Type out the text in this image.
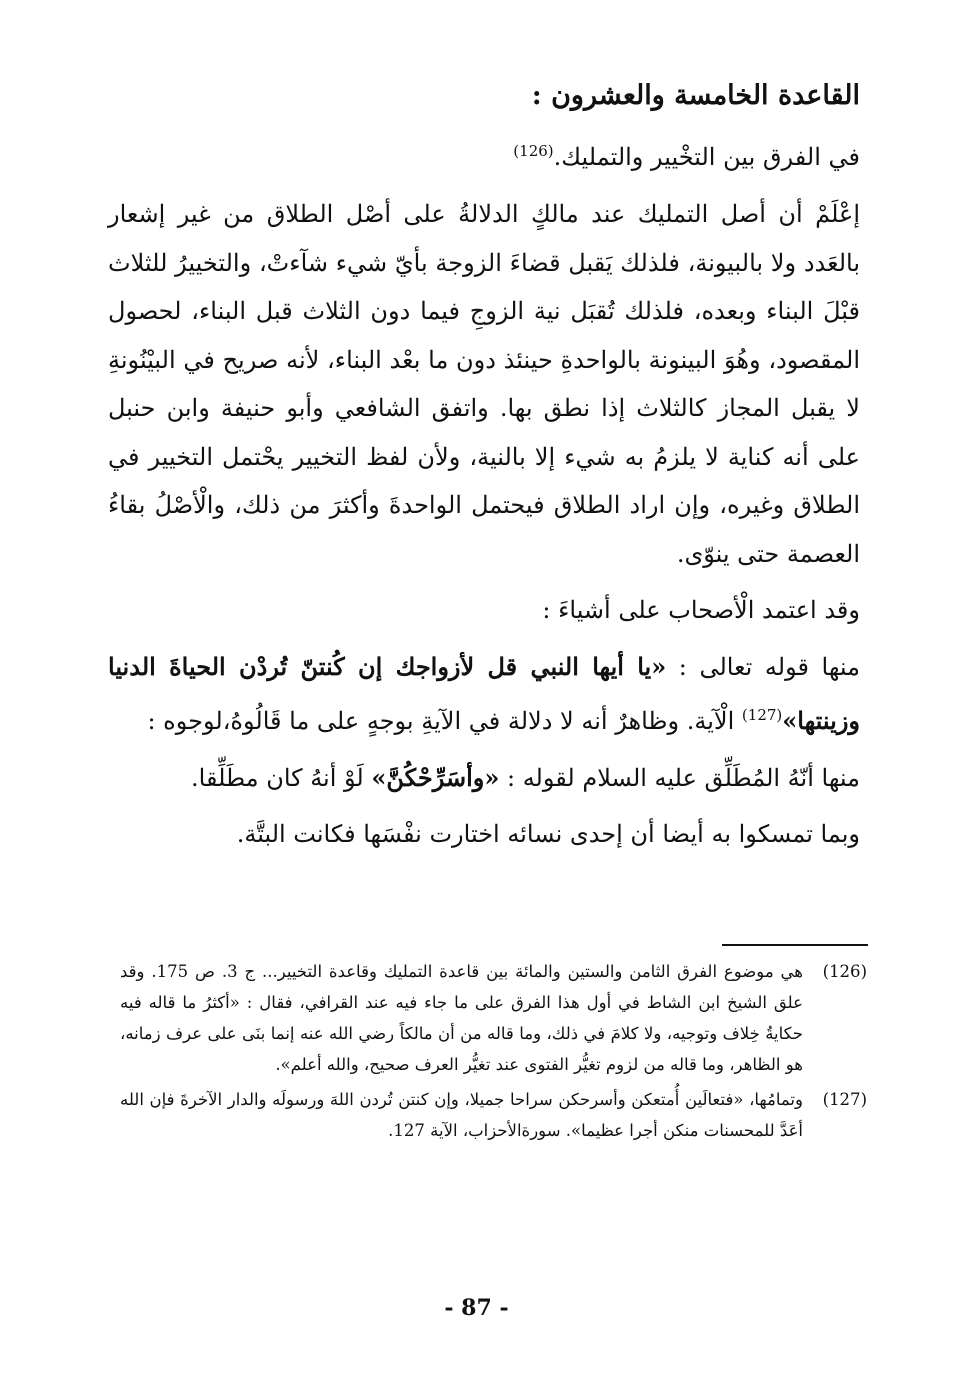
القاعدة الخامسة والعشرون :

في الفرق بين التخْيير والتمليك.$^{(126)}$

إعْلَمْ أن أصل التمليك عند مالكٍ الدلالةُ على أصْل الطلاق من غير إشعار بالعَدد ولا بالبيونة، فلذلك يَقبل قضاءَ الزوجة بأيّ شيء شآءتْ، والتخييرُ للثلاث قبْلَ البناء وبعده، فلذلك تُقبَل نية الزوجِ فيما دون الثلاث قبل البناء، لحصول المقصود، وهُوَ البينونة بالواحدةِ حينئذ دون ما بعْد البناء، لأنه صريح في البيْنُونةِ لا يقبل المجاز كالثلاث إذا نطق بها. واتفق الشافعي وأبو حنيفة وابن حنبل على أنه كناية لا يلزمُ به شيء إلا بالنية، ولأن لفظ التخيير يحْتمل التخيير في الطلاق وغيره، وإن اراد الطلاق فيحتمل الواحدةَ وأكثرَ من ذلك، والْأصْلُ بقاءُ العصمة حتى ينوّى.

وقد اعتمد الْأصحاب على أشياءَ :

منها قوله تعالى : «يا أيها النبي قل لأزواجك إن كُنتنّ تُردْن الحياةَ الدنيا وزينتها»$^{(127)}$ الْآية. وظاهرٌ أنه لا دلالة في الآيةِ بوجهٍ على ما قَالُوهُ،لوجوه :

منها أنّهُ المُطَلِّق عليه السلام لقوله : «وأسَرِّحْكُنَّ» لَوْ أنهُ كان مطَلِّقا.

وبما تمسكوا به أيضا أن إحدى نسائه اختارت نفْسَها فكانت البتَّة.

(126)
هي موضوع الفرق الثامن والستين والمائة بين قاعدة التمليك وقاعدة التخيير... ج 3. ص 175. وقد علق الشيخ ابن الشاط في أول هذا الفرق على ما جاء فيه عند القرافي، فقال : «أكثرُ ما قاله فيه حكايةُ خِلاف وتوجيه، ولا كلامَ في ذلك، وما قاله من أن مالكاً رضي الله عنه إنما بنَى على عرف زمانه، هو الظاهر، وما قاله من لزوم تغيُّر الفتوى عند تغيُّر العرف صحيح، والله أعلم».
(127)
وتمامُها، «فتعالَين أُمتعكن وأسرحكن سراحا جميلا، وإن كنتن تُردن اللهَ ورسولَه والدار الآخرةَ فإن الله أعَدَّ للمحسنات منكن أجرا عظيما». سورةالأحزاب، الآية 127.
- 87 -
